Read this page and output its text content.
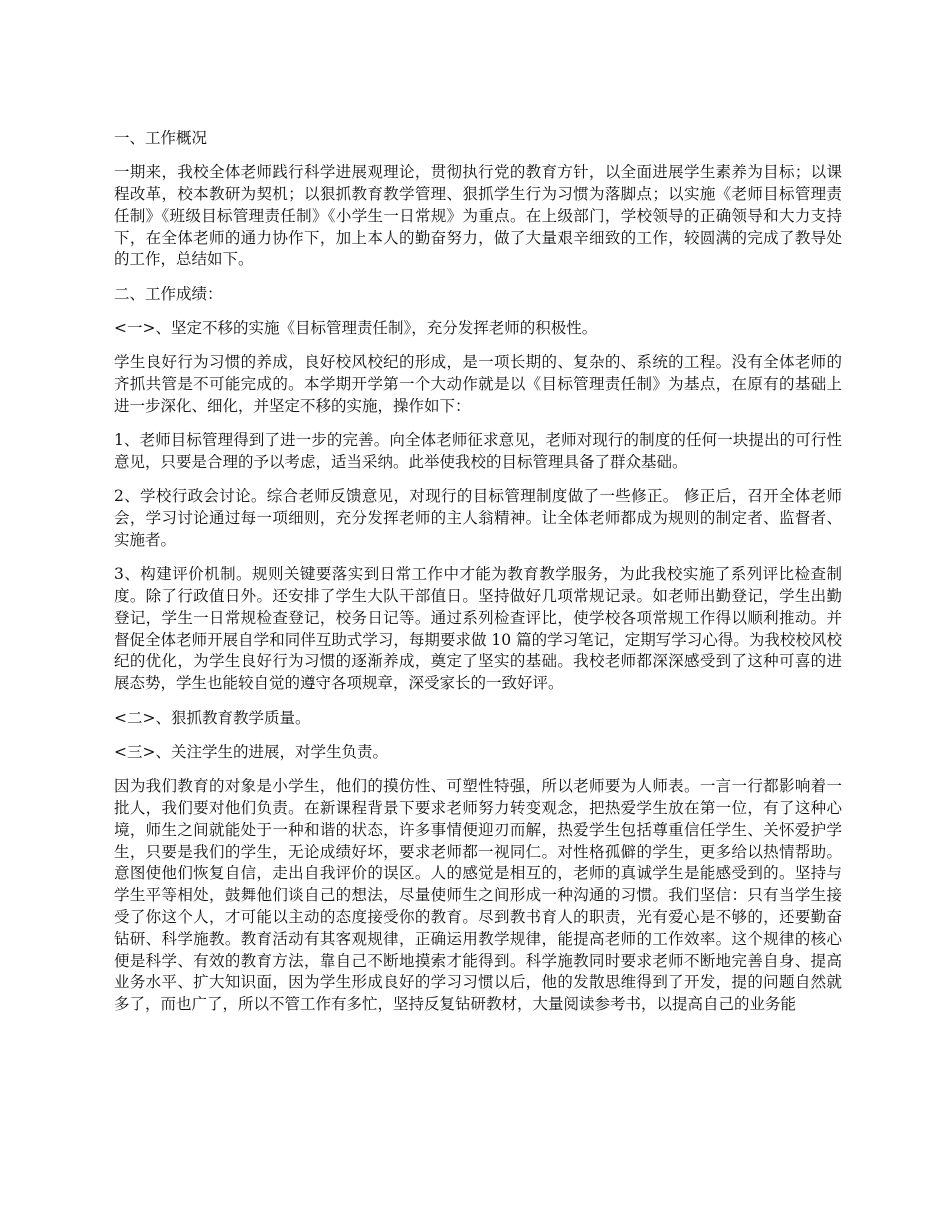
一、工作概况

一期来，我校全体老师践行科学进展观理论，贯彻执行党的教育方针，以全面进展学生素养为目标；以课程改革，校本教研为契机；以狠抓教育教学管理、狠抓学生行为习惯为落脚点；以实施《老师目标管理责任制》《班级目标管理责任制》《小学生一日常规》为重点。在上级部门，学校领导的正确领导和大力支持下，在全体老师的通力协作下，加上本人的勤奋努力，做了大量艰辛细致的工作，较圆满的完成了教导处的工作，总结如下。

二、工作成绩：

<一>、坚定不移的实施《目标管理责任制》，充分发挥老师的积极性。

学生良好行为习惯的养成，良好校风校纪的形成，是一项长期的、复杂的、系统的工程。没有全体老师的齐抓共管是不可能完成的。本学期开学第一个大动作就是以《目标管理责任制》为基点，在原有的基础上进一步深化、细化，并坚定不移的实施，操作如下：

1、老师目标管理得到了进一步的完善。向全体老师征求意见，老师对现行的制度的任何一块提出的可行性意见，只要是合理的予以考虑，适当采纳。此举使我校的目标管理具备了群众基础。

2、学校行政会讨论。综合老师反馈意见，对现行的目标管理制度做了一些修正。 修正后，召开全体老师会，学习讨论通过每一项细则，充分发挥老师的主人翁精神。让全体老师都成为规则的制定者、监督者、实施者。

3、构建评价机制。规则关键要落实到日常工作中才能为教育教学服务，为此我校实施了系列评比检查制度。除了行政值日外。还安排了学生大队干部值日。坚持做好几项常规记录。如老师出勤登记，学生出勤登记，学生一日常规检查登记，校务日记等。通过系列检查评比，使学校各项常规工作得以顺利推动。并督促全体老师开展自学和同伴互助式学习，每期要求做 10 篇的学习笔记，定期写学习心得。为我校校风校纪的优化，为学生良好行为习惯的逐渐养成，奠定了坚实的基础。我校老师都深深感受到了这种可喜的进展态势，学生也能较自觉的遵守各项规章，深受家长的一致好评。

<二>、狠抓教育教学质量。

<三>、关注学生的进展，对学生负责。

因为我们教育的对象是小学生，他们的摸仿性、可塑性特强，所以老师要为人师表。一言一行都影响着一批人，我们要对他们负责。在新课程背景下要求老师努力转变观念，把热爱学生放在第一位，有了这种心境，师生之间就能处于一种和谐的状态，许多事情便迎刃而解，热爱学生包括尊重信任学生、关怀爱护学生，只要是我们的学生，无论成绩好坏，要求老师都一视同仁。对性格孤僻的学生，更多给以热情帮助。意图使他们恢复自信，走出自我评价的误区。人的感觉是相互的，老师的真诚学生是能感受到的。坚持与学生平等相处，鼓舞他们谈自己的想法，尽量使师生之间形成一种沟通的习惯。我们坚信：只有当学生接受了你这个人，才可能以主动的态度接受你的教育。尽到教书育人的职责，光有爱心是不够的，还要勤奋钻研、科学施教。教育活动有其客观规律，正确运用教学规律，能提高老师的工作效率。这个规律的核心便是科学、有效的教育方法，靠自己不断地摸索才能得到。科学施教同时要求老师不断地完善自身、提高业务水平、扩大知识面，因为学生形成良好的学习习惯以后，他的发散思维得到了开发，提的问题自然就多了，而也广了，所以不管工作有多忙，坚持反复钻研教材，大量阅读参考书，以提高自己的业务能
